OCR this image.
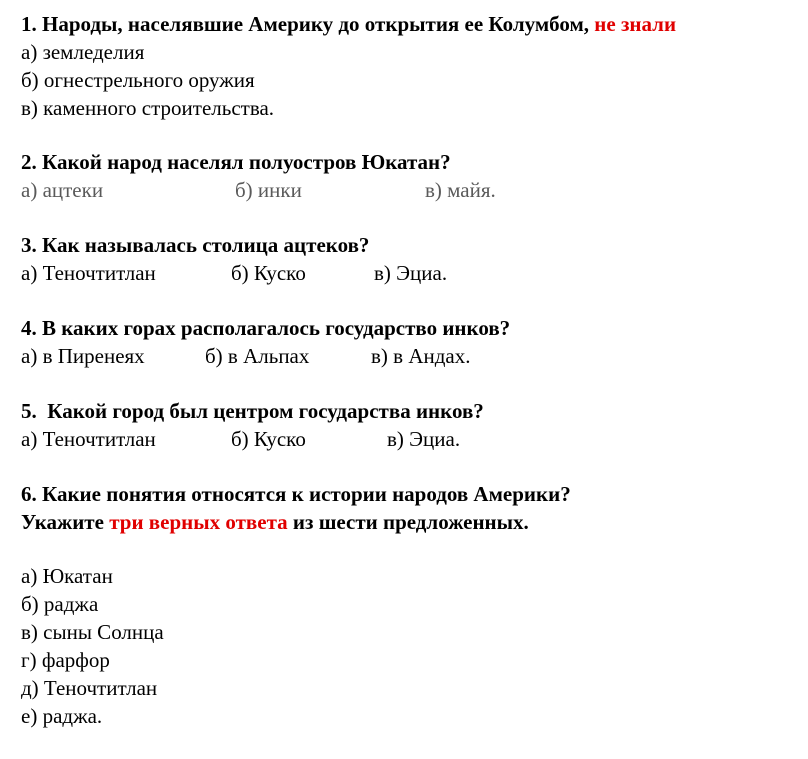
1. Народы, населявшие Америку до открытия ее Колумбом, не знали
а) земледелия
б) огнестрельного оружия
в) каменного строительства.
2. Какой народ населял полуостров Юкатан?
а) ацтеки	б) инки	в) майя.
3. Как называлась столица ацтеков?
а) Теночтитлан	б) Куско	в) Эциа.
4. В каких горах располагалось государство инков?
а) в Пиренеях	б) в Альпах	в) в Андах.
5.  Какой город был центром государства инков?
а) Теночтитлан	б) Куско	в) Эциа.
6. Какие понятия относятся к истории народов Америки?
Укажите три верных ответа из шести предложенных.
а) Юкатан
б) раджа
в) сыны Солнца
г) фарфор
д) Теночтитлан
е) раджа.
